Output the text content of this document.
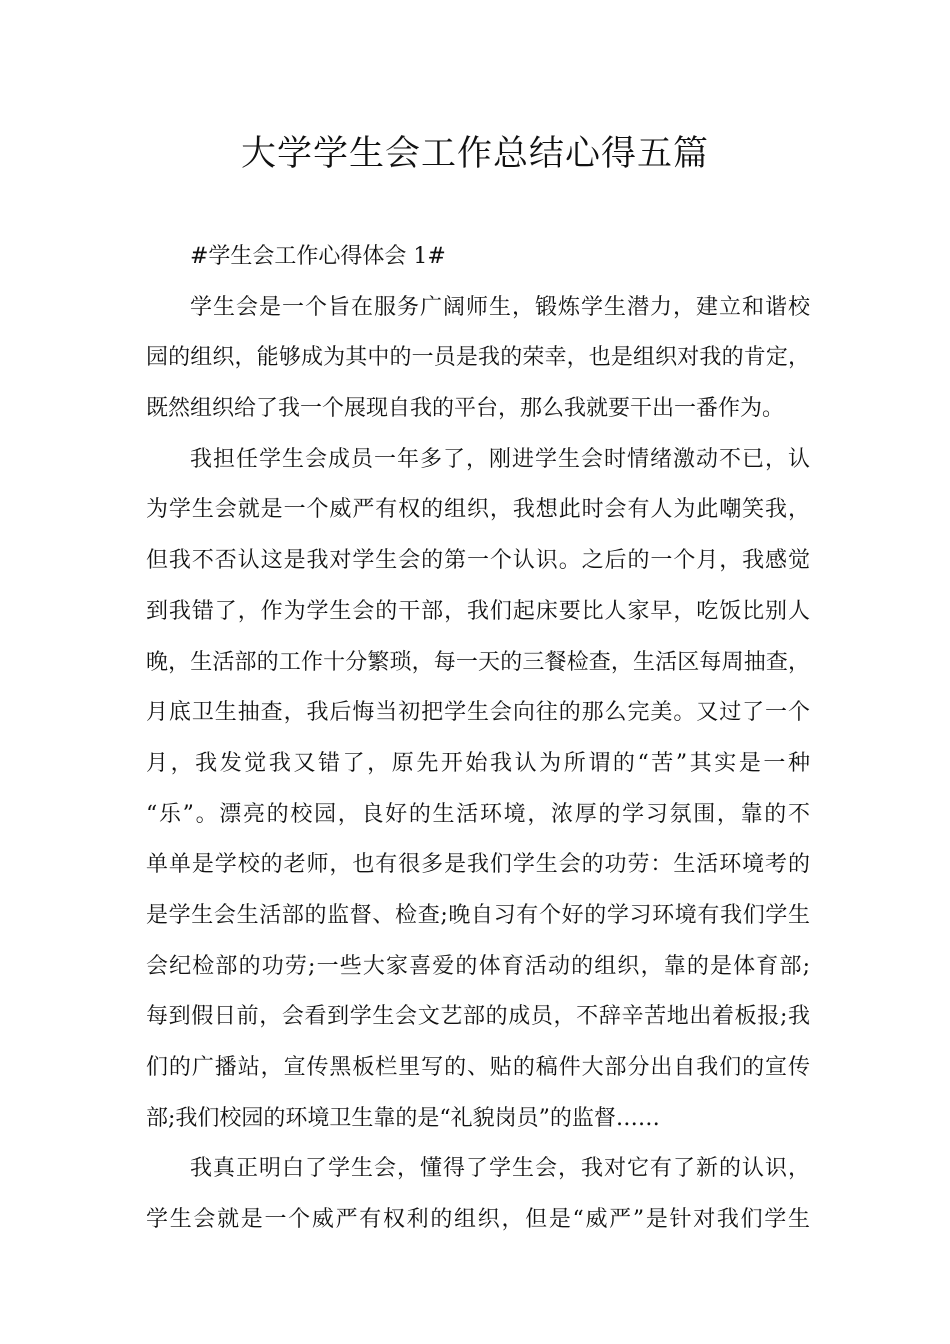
大学学生会工作总结心得五篇
#学生会工作心得体会 1#
学生会是一个旨在服务广阔师生，锻炼学生潜力，建立和谐校
园的组织，能够成为其中的一员是我的荣幸，也是组织对我的肯定，
既然组织给了我一个展现自我的平台，那么我就要干出一番作为。
我担任学生会成员一年多了，刚进学生会时情绪激动不已，认
为学生会就是一个威严有权的组织，我想此时会有人为此嘲笑我，
但我不否认这是我对学生会的第一个认识。之后的一个月，我感觉
到我错了，作为学生会的干部，我们起床要比人家早，吃饭比别人
晚，生活部的工作十分繁琐，每一天的三餐检查，生活区每周抽查，
月底卫生抽查，我后悔当初把学生会向往的那么完美。又过了一个
月，我发觉我又错了，原先开始我认为所谓的“苦”其实是一种
“乐”。漂亮的校园，良好的生活环境，浓厚的学习氛围，靠的不
单单是学校的老师，也有很多是我们学生会的功劳：生活环境考的
是学生会生活部的监督、检查;晚自习有个好的学习环境有我们学生
会纪检部的功劳;一些大家喜爱的体育活动的组织，靠的是体育部;
每到假日前，会看到学生会文艺部的成员，不辞辛苦地出着板报;我
们的广播站，宣传黑板栏里写的、贴的稿件大部分出自我们的宣传
部;我们校园的环境卫生靠的是“礼貌岗员”的监督……
我真正明白了学生会，懂得了学生会，我对它有了新的认识，
学生会就是一个威严有权利的组织，但是“威严”是针对我们学生
